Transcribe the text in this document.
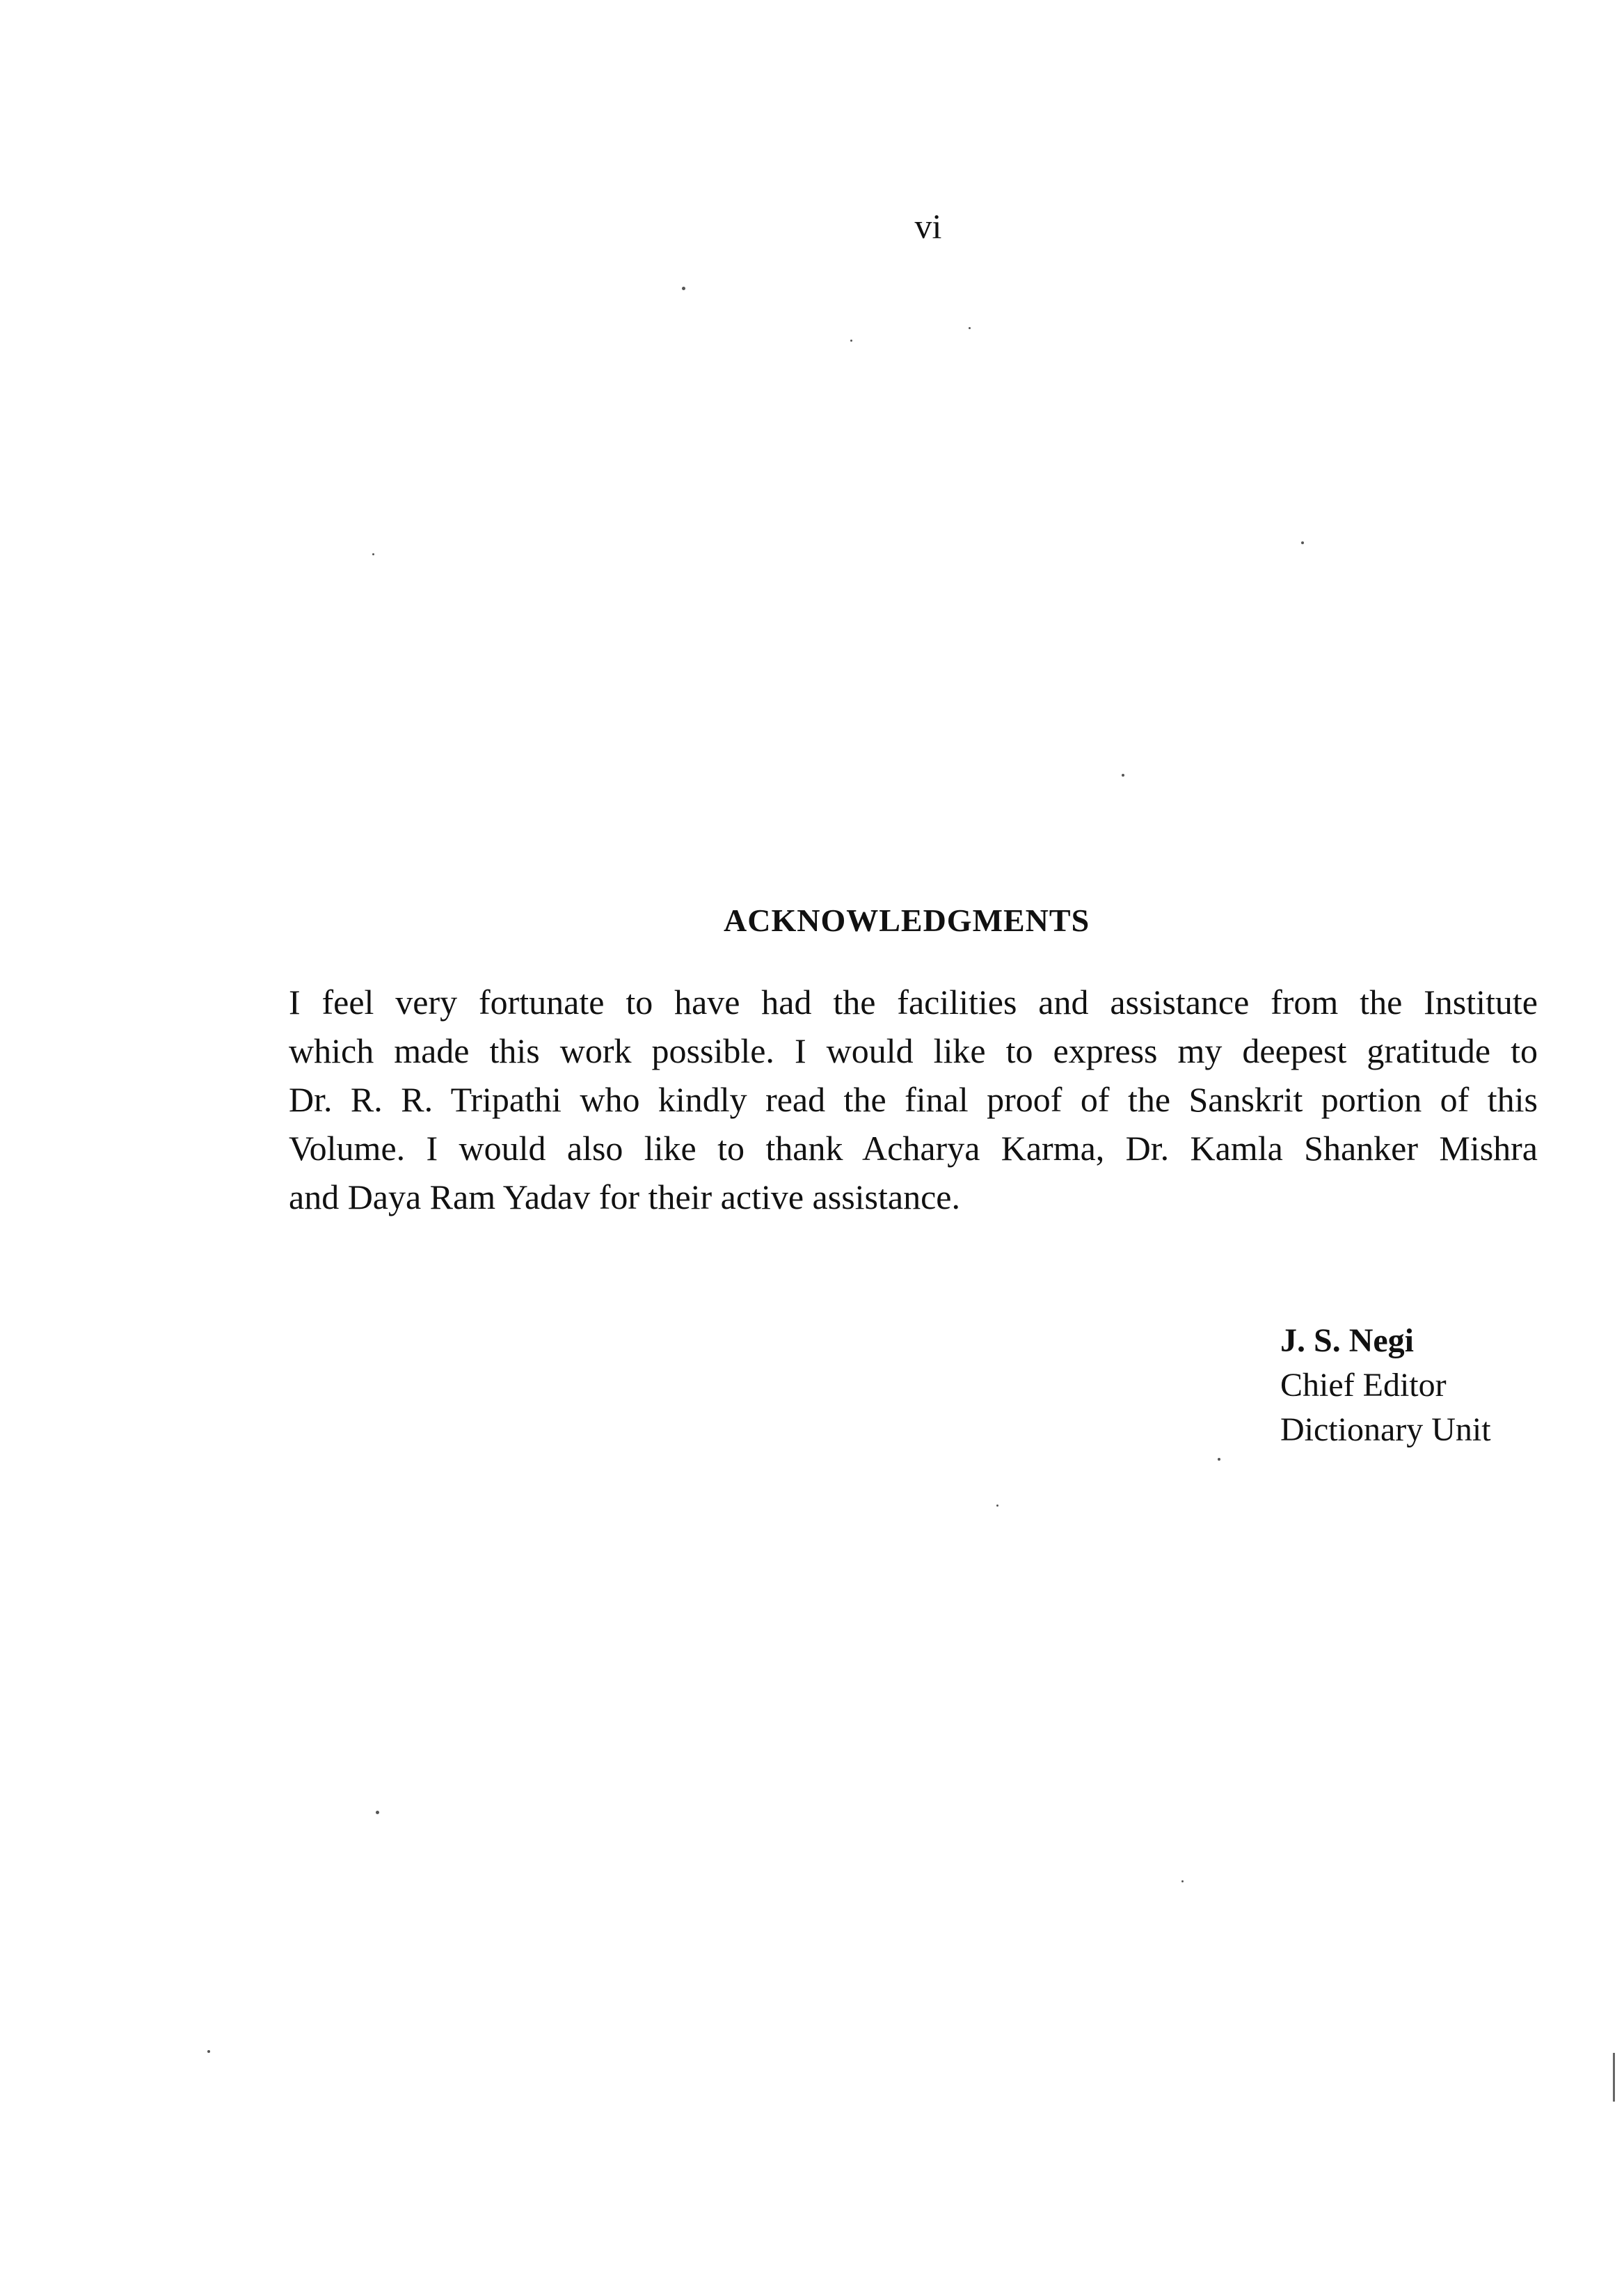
vi
ACKNOWLEDGMENTS
I feel very fortunate to have had the facilities and assistance from the Institute
which made this work possible. I would like to express my deepest gratitude to
Dr. R. R. Tripathi who kindly read the final proof of the Sanskrit portion of this
Volume. I would also like to thank Acharya Karma, Dr. Kamla Shanker Mishra
and Daya Ram Yadav for their active assistance.
J. S. Negi
Chief Editor
Dictionary Unit
